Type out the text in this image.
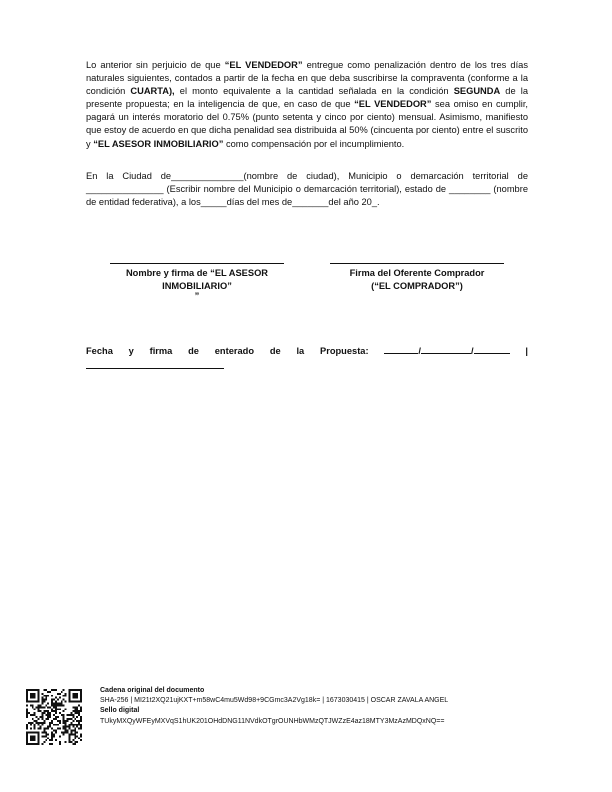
Lo anterior sin perjuicio de que “EL VENDEDOR” entregue como penalización dentro de los tres días naturales siguientes, contados a partir de la fecha en que deba suscribirse la compraventa (conforme a la condición CUARTA), el monto equivalente a la cantidad señalada en la condición SEGUNDA de la presente propuesta; en la inteligencia de que, en caso de que “EL VENDEDOR” sea omiso en cumplir, pagará un interés moratorio del 0.75% (punto setenta y cinco por ciento) mensual. Asimismo, manifiesto que estoy de acuerdo en que dicha penalidad sea distribuida al 50% (cincuenta por ciento) entre el suscrito y “EL ASESOR INMOBILIARIO” como compensación por el incumplimiento.

En la Ciudad de______________(nombre de ciudad), Municipio o demarcación territorial de _______________ (Escribir nombre del Municipio o demarcación territorial), estado de ________ (nombre de entidad federativa), a los_____días del mes de_______del año 20_.

Nombre y firma de “EL ASESOR
INMOBILIARIO”
”
Firma del Oferente Comprador
(“EL COMPRADOR”)
Fecha y firma de enterado de la Propuesta:	/	/	|
Cadena original del documento
SHA-256 | MI21t2XQ21ujKXT+m58wC4mu5Wd98+9CGmc3A2Vg18k= | 1673030415 | OSCAR ZAVALA ANGEL
Sello digital
TUkyMXQyWFEyMXVqS1hUK201OHdDNG11NVdkOTgrOUNHbWMzQTJWZzE4az18MTY3MzAzMDQxNQ==
